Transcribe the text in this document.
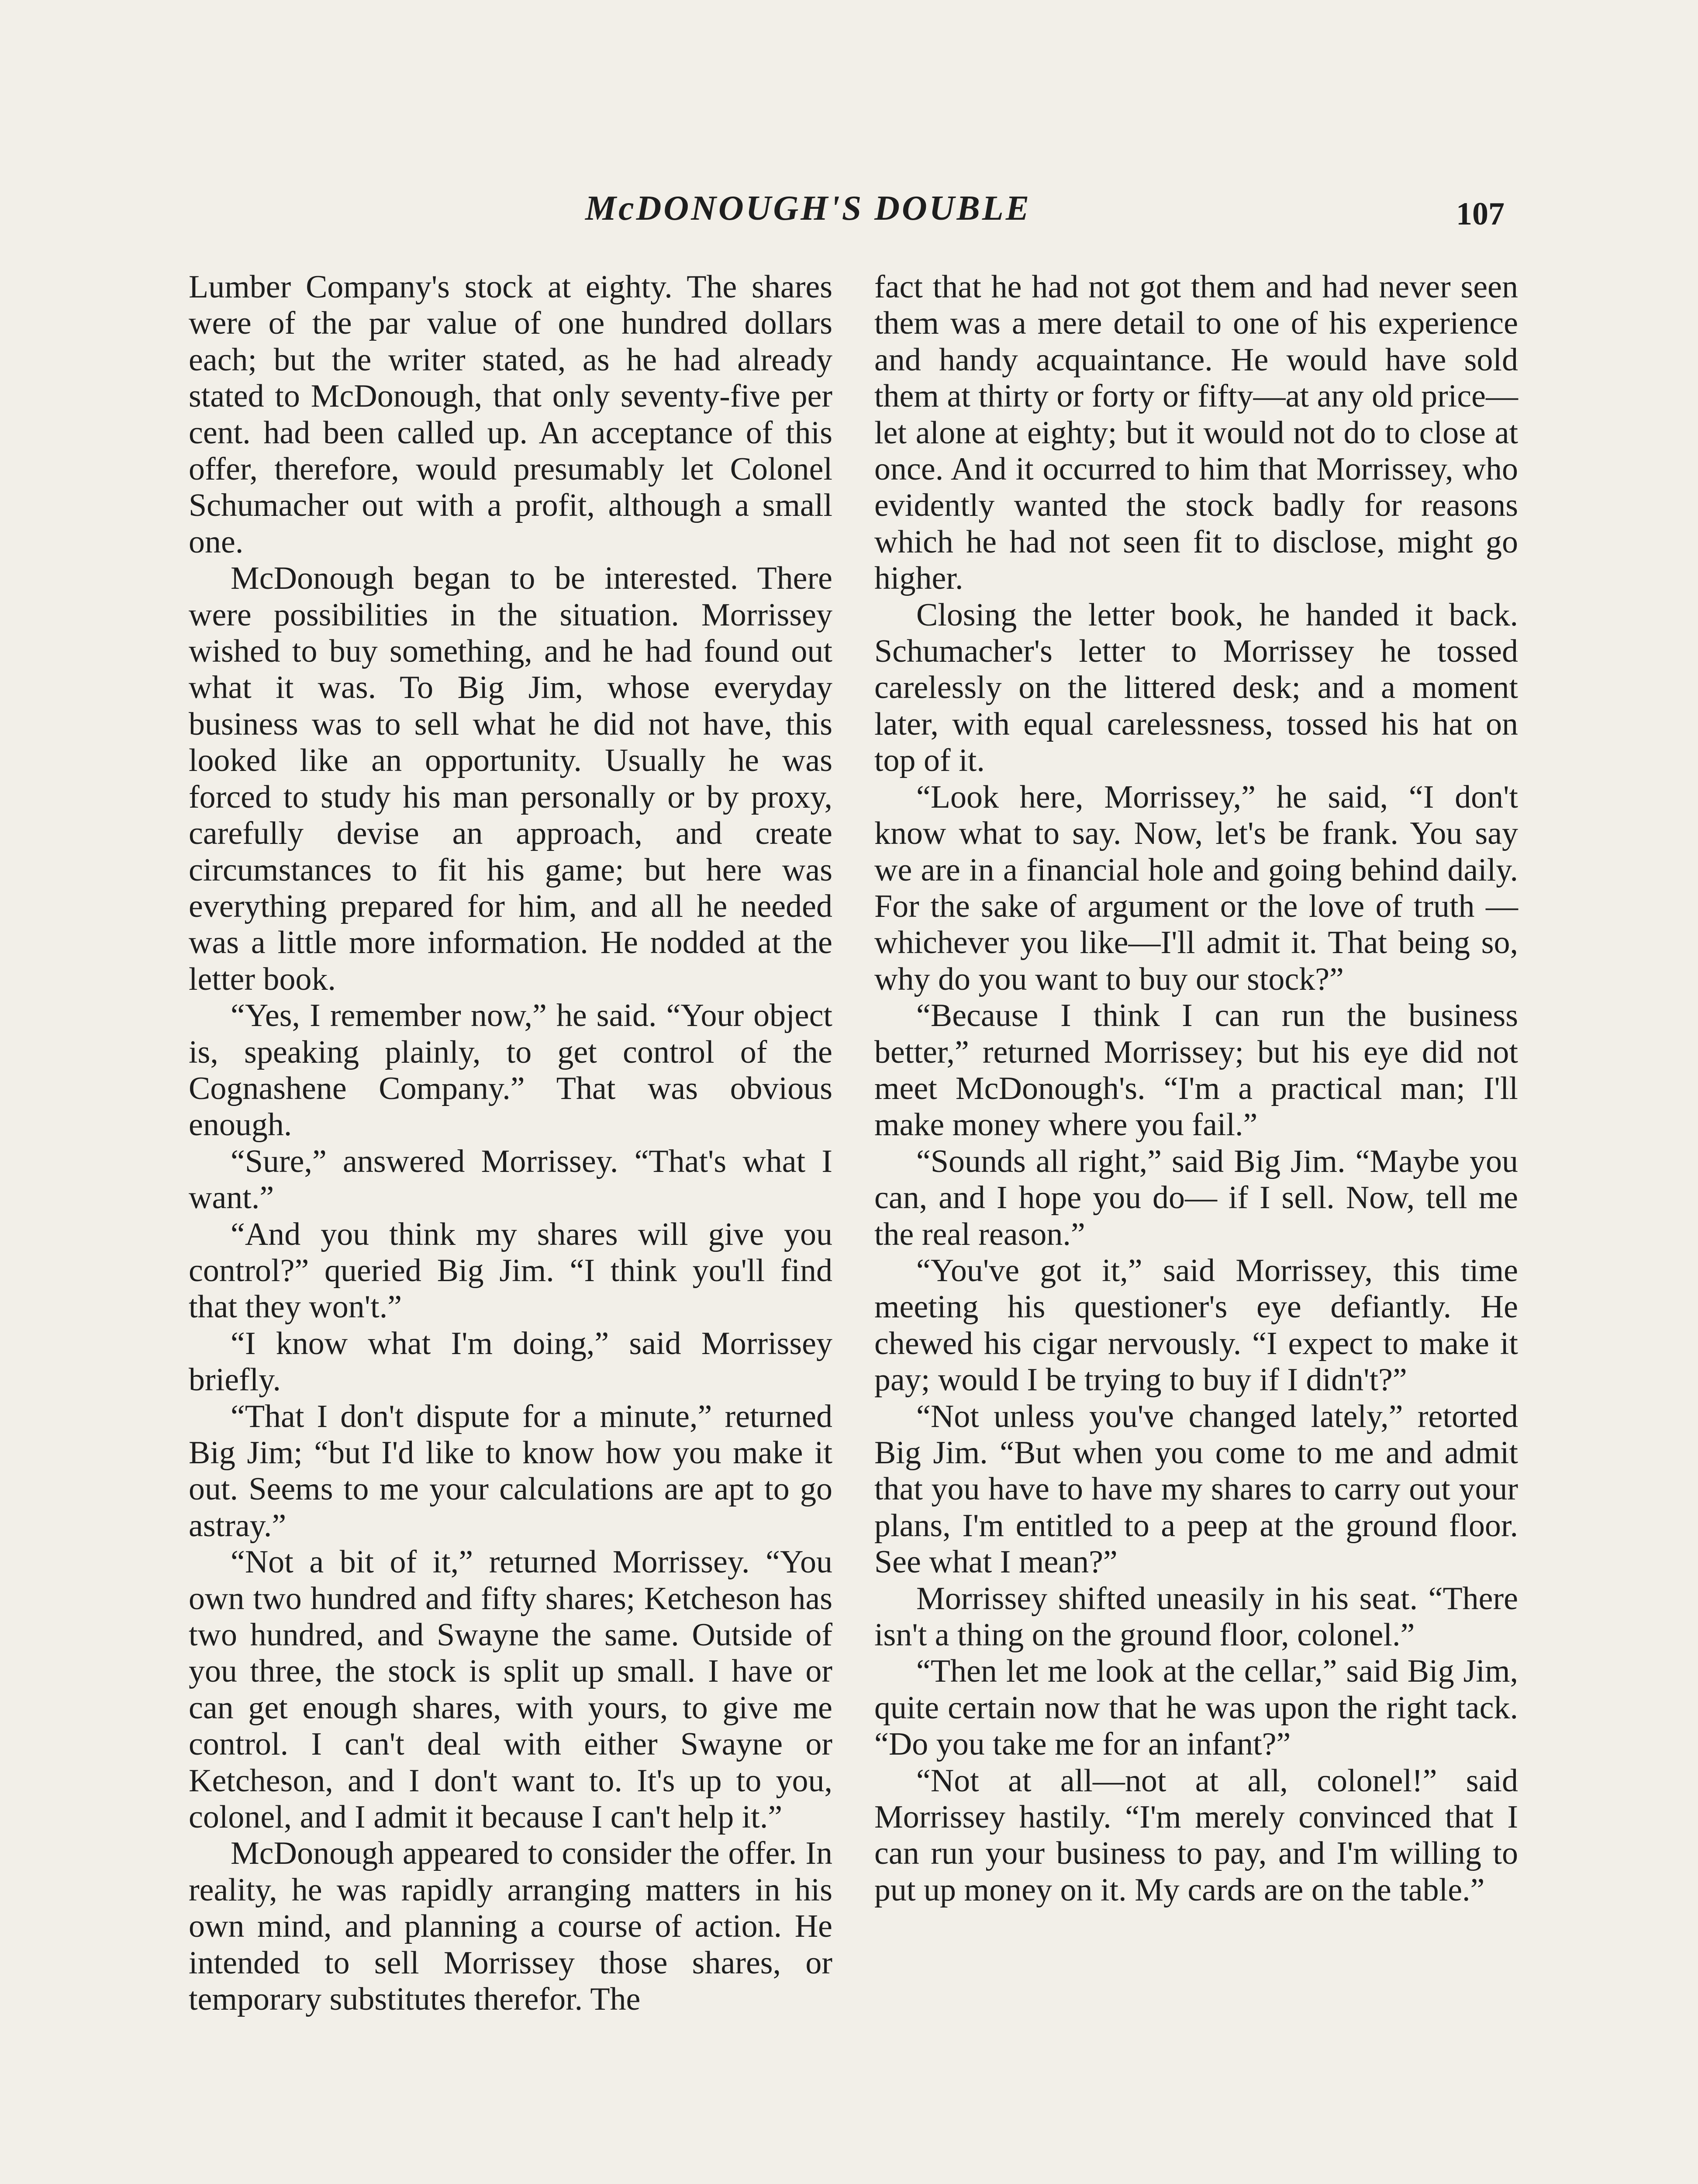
McDONOUGH'S DOUBLE	107

Lumber Company's stock at eighty. The shares were of the par value of one hundred dollars each; but the writer stated, as he had already stated to McDonough, that only seventy-five per cent. had been called up. An acceptance of this offer, therefore, would presumably let Colonel Schumacher out with a profit, although a small one.

McDonough began to be interested. There were possibilities in the situation. Morrissey wished to buy something, and he had found out what it was. To Big Jim, whose everyday business was to sell what he did not have, this looked like an opportunity. Usually he was forced to study his man personally or by proxy, carefully devise an approach, and create circumstances to fit his game; but here was everything prepared for him, and all he needed was a little more information. He nodded at the letter book.

“Yes, I remember now,” he said. “Your object is, speaking plainly, to get control of the Cognashene Company.” That was obvious enough.

“Sure,” answered Morrissey. “That's what I want.”

“And you think my shares will give you control?” queried Big Jim. “I think you'll find that they won't.”

“I know what I'm doing,” said Morrissey briefly.

“That I don't dispute for a minute,” returned Big Jim; “but I'd like to know how you make it out. Seems to me your calculations are apt to go astray.”

“Not a bit of it,” returned Morrissey. “You own two hundred and fifty shares; Ketcheson has two hundred, and Swayne the same. Outside of you three, the stock is split up small. I have or can get enough shares, with yours, to give me control. I can't deal with either Swayne or Ketcheson, and I don't want to. It's up to you, colonel, and I admit it because I can't help it.”

McDonough appeared to consider the offer. In reality, he was rapidly arranging matters in his own mind, and planning a course of action. He intended to sell Morrissey those shares, or temporary substitutes therefor. The

fact that he had not got them and had never seen them was a mere detail to one of his experience and handy acquaintance. He would have sold them at thirty or forty or fifty—at any old price—let alone at eighty; but it would not do to close at once. And it occurred to him that Morrissey, who evidently wanted the stock badly for reasons which he had not seen fit to disclose, might go higher.

Closing the letter book, he handed it back. Schumacher's letter to Morrissey he tossed carelessly on the littered desk; and a moment later, with equal carelessness, tossed his hat on top of it.

“Look here, Morrissey,” he said, “I don't know what to say. Now, let's be frank. You say we are in a financial hole and going behind daily. For the sake of argument or the love of truth —whichever you like—I'll admit it. That being so, why do you want to buy our stock?”

“Because I think I can run the business better,” returned Morrissey; but his eye did not meet McDonough's. “I'm a practical man; I'll make money where you fail.”

“Sounds all right,” said Big Jim. “Maybe you can, and I hope you do— if I sell. Now, tell me the real reason.”

“You've got it,” said Morrissey, this time meeting his questioner's eye defiantly. He chewed his cigar nervously. “I expect to make it pay; would I be trying to buy if I didn't?”

“Not unless you've changed lately,” retorted Big Jim. “But when you come to me and admit that you have to have my shares to carry out your plans, I'm entitled to a peep at the ground floor. See what I mean?”

Morrissey shifted uneasily in his seat. “There isn't a thing on the ground floor, colonel.”

“Then let me look at the cellar,” said Big Jim, quite certain now that he was upon the right tack. “Do you take me for an infant?”

“Not at all—not at all, colonel!” said Morrissey hastily. “I'm merely convinced that I can run your business to pay, and I'm willing to put up money on it. My cards are on the table.”
